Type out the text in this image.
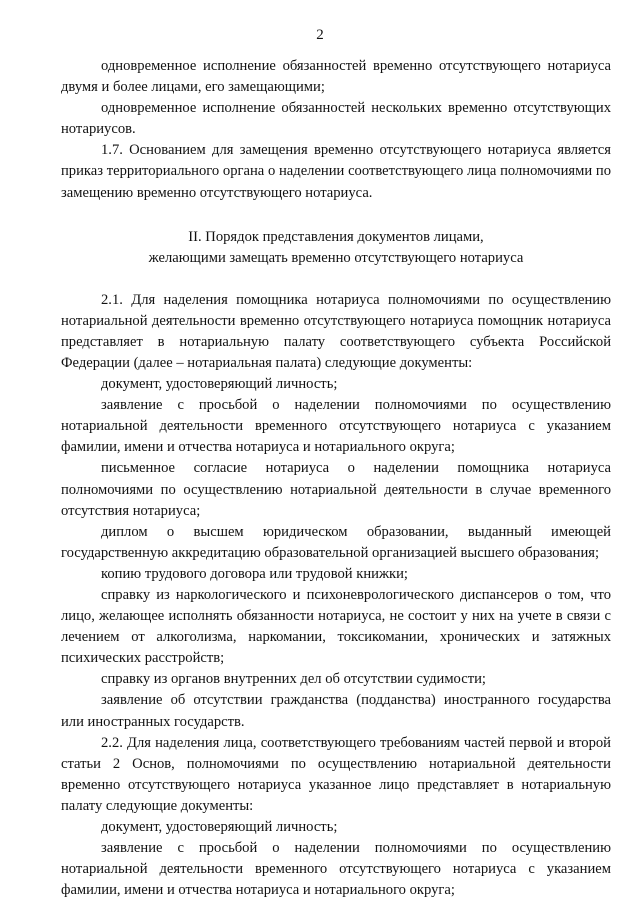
2

одновременное исполнение обязанностей временно отсутствующего нотариуса двумя и более лицами, его замещающими;

одновременное исполнение обязанностей нескольких временно отсутствующих нотариусов.

1.7. Основанием для замещения временно отсутствующего нотариуса является приказ территориального органа о наделении соответствующего лица полномочиями по замещению временно отсутствующего нотариуса.

II. Порядок представления документов лицами,
желающими замещать временно отсутствующего нотариуса

2.1. Для наделения помощника нотариуса полномочиями по осуществлению нотариальной деятельности временно отсутствующего нотариуса помощник нотариуса представляет в нотариальную палату соответствующего субъекта Российской Федерации (далее – нотариальная палата) следующие документы:

документ, удостоверяющий личность;

заявление с просьбой о наделении полномочиями по осуществлению нотариальной деятельности временного отсутствующего нотариуса с указанием фамилии, имени и отчества нотариуса и нотариального округа;

письменное согласие нотариуса о наделении помощника нотариуса полномочиями по осуществлению нотариальной деятельности в случае временного отсутствия нотариуса;

диплом о высшем юридическом образовании, выданный имеющей государственную аккредитацию образовательной организацией высшего образования;

копию трудового договора или трудовой книжки;

справку из наркологического и психоневрологического диспансеров о том, что лицо, желающее исполнять обязанности нотариуса, не состоит у них на учете в связи с лечением от алкоголизма, наркомании, токсикомании, хронических и затяжных психических расстройств;

справку из органов внутренних дел об отсутствии судимости;

заявление об отсутствии гражданства (подданства) иностранного государства или иностранных государств.

2.2. Для наделения лица, соответствующего требованиям частей первой и второй статьи 2 Основ, полномочиями по осуществлению нотариальной деятельности временно отсутствующего нотариуса указанное лицо представляет в нотариальную палату следующие документы:

документ, удостоверяющий личность;

заявление с просьбой о наделении полномочиями по осуществлению нотариальной деятельности временного отсутствующего нотариуса с указанием фамилии, имени и отчества нотариуса и нотариального округа;
